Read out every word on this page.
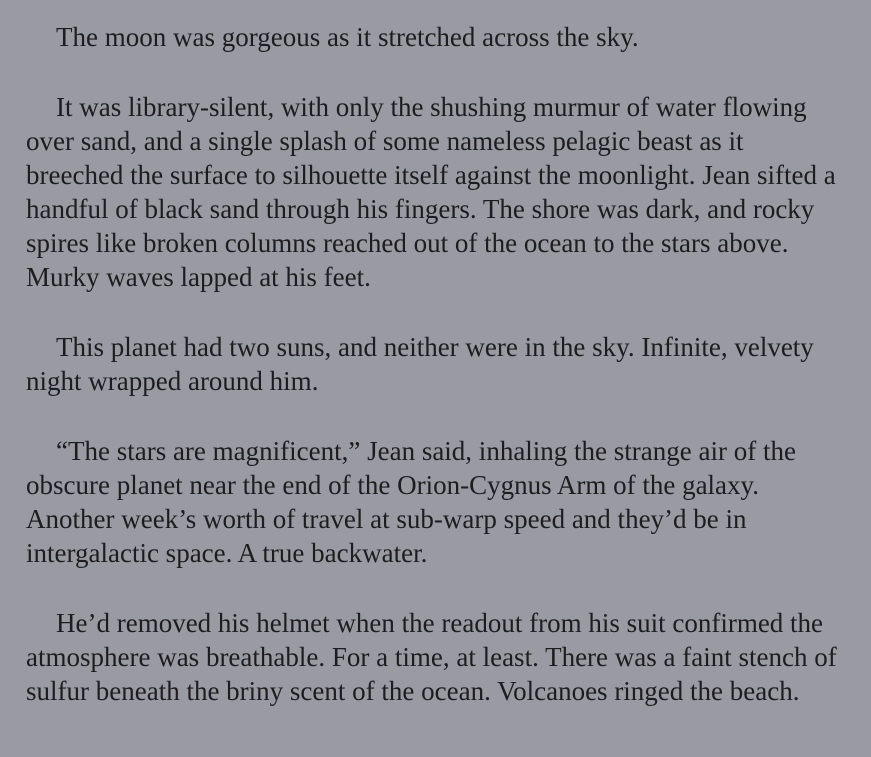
The moon was gorgeous as it stretched across the sky.

It was library-silent, with only the shushing murmur of water flowing over sand, and a single splash of some nameless pelagic beast as it breeched the surface to silhouette itself against the moonlight. Jean sifted a handful of black sand through his fingers. The shore was dark, and rocky spires like broken columns reached out of the ocean to the stars above. Murky waves lapped at his feet.

This planet had two suns, and neither were in the sky. Infinite, velvety night wrapped around him.

“The stars are magnificent,” Jean said, inhaling the strange air of the obscure planet near the end of the Orion-Cygnus Arm of the galaxy. Another week’s worth of travel at sub-warp speed and they’d be in intergalactic space. A true backwater.

He’d removed his helmet when the readout from his suit confirmed the atmosphere was breathable. For a time, at least. There was a faint stench of sulfur beneath the briny scent of the ocean. Volcanoes ringed the beach.
